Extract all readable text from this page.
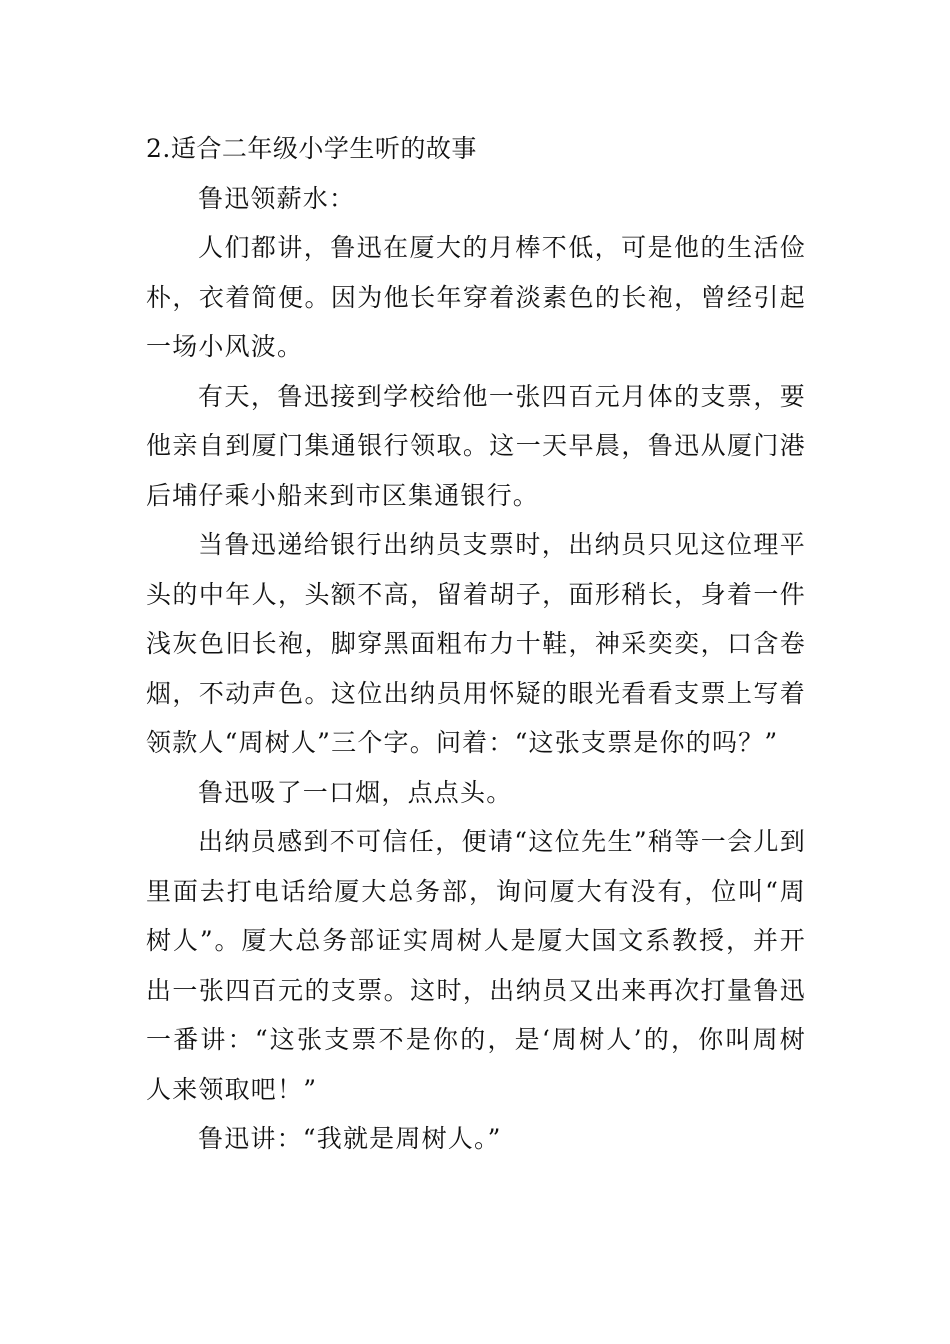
2.适合二年级小学生听的故事

鲁迅领薪水：

人们都讲，鲁迅在厦大的月棒不低，可是他的生活俭朴，衣着简便。因为他长年穿着淡素色的长袍，曾经引起一场小风波。

有天，鲁迅接到学校给他一张四百元月体的支票，要他亲自到厦门集通银行领取。这一天早晨，鲁迅从厦门港后埔仔乘小船来到市区集通银行。

当鲁迅递给银行出纳员支票时，出纳员只见这位理平头的中年人，头额不高，留着胡子，面形稍长，身着一件浅灰色旧长袍，脚穿黑面粗布力十鞋，神采奕奕，口含卷烟，不动声色。这位出纳员用怀疑的眼光看看支票上写着领款人“周树人”三个字。问着：“这张支票是你的吗？”

鲁迅吸了一口烟，点点头。

出纳员感到不可信任，便请“这位先生”稍等一会儿到里面去打电话给厦大总务部，询问厦大有没有，位叫“周树人”。厦大总务部证实周树人是厦大国文系教授，并开出一张四百元的支票。这时，出纳员又出来再次打量鲁迅一番讲：“这张支票不是你的，是‘周树人’的，你叫周树人来领取吧！”

鲁迅讲：“我就是周树人。”
